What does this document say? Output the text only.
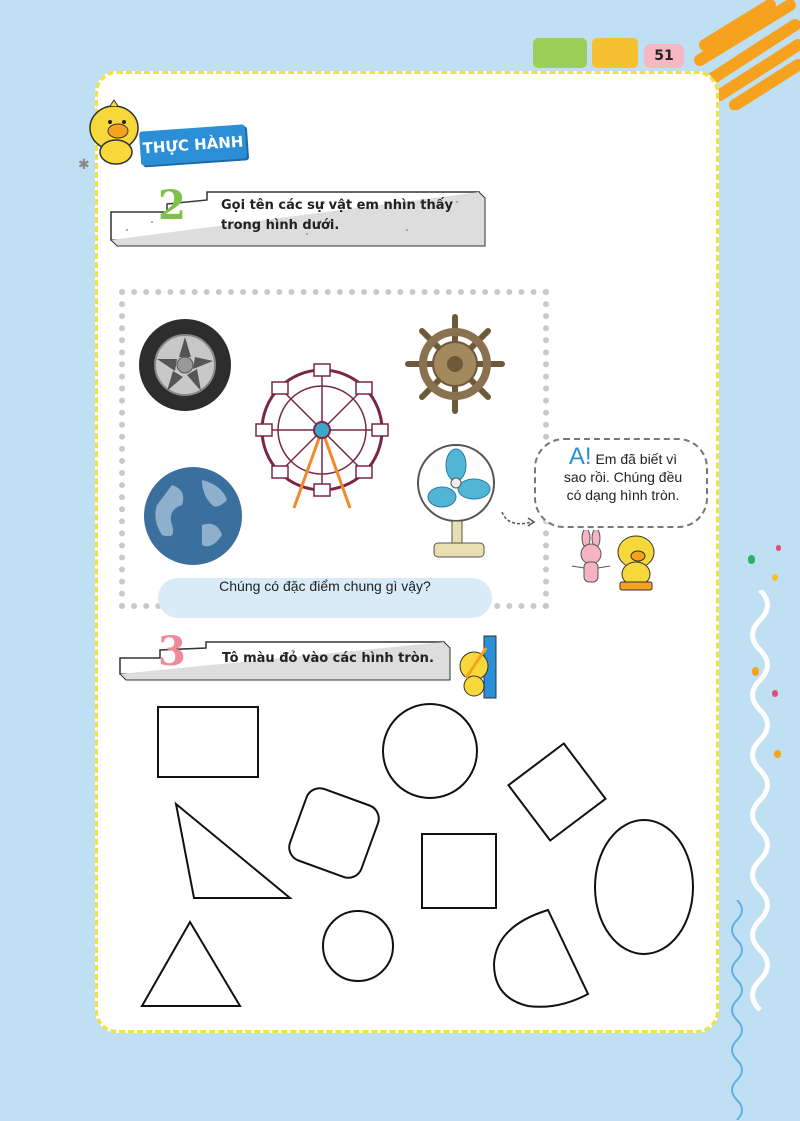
51
✱
THỰC HÀNH
2	Gọi tên các sự vật em nhìn thấy
trong hình dưới.
A! Em đã biết vì
sao rồi. Chúng đều
có dạng hình tròn.
Chúng có đặc điểm chung gì vậy?
3	Tô màu đỏ vào các hình tròn.
